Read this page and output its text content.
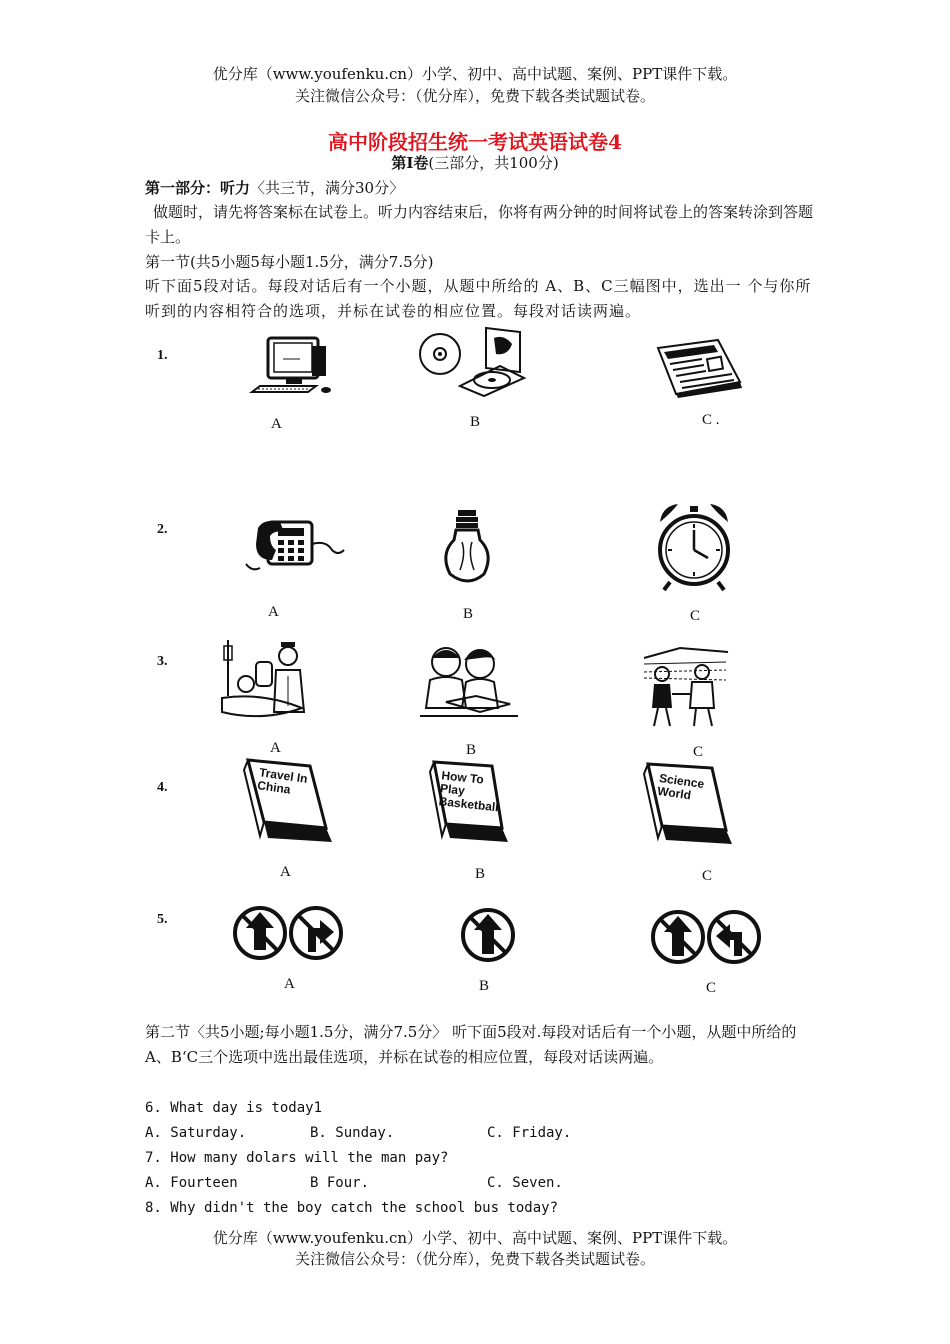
优分库（www.youfenku.cn）小学、初中、高中试题、案例、PPT课件下载。
关注微信公众号：（优分库），免费下载各类试题试卷。
高中阶段招生统一考试英语试卷4
第Ⅰ卷(三部分，共100分)
第一部分：听力〈共三节，满分30分〉
做题时，请先将答案标在试卷上。听力内容结束后，你将有两分钟的时间将试卷上的答案转涂到答题卡上。
第一节(共5小题5每小题1.5分，满分7.5分)
听下面5段对话。每段对话后有一个小题，从题中所给的 A、B、C三幅图中，选出一 个与你所听到的内容相符合的选项，并标在试卷的相应位置。每段对话读两遍。
1.
2.
3.
4.
5.
A	B	C .
A	B	C
A	B	C
Travel In China
How To Play Basketball
Science World
A	B	C
A	B	C
第二节〈共5小题;每小题1.5分，满分7.5分〉 听下面5段对.每段对话后有一个小题，从题中所给的A、B‘C三个选项中选出最佳选项，并标在试卷的相应位置，每段对话读两遍。
6. What day is today1
A. Saturday.	B. Sunday.	C. Friday.
7. How many dolars will the man pay?
A. Fourteen	B Four.	C. Seven.
8. Why didn't the boy catch the school bus today?
优分库（www.youfenku.cn）小学、初中、高中试题、案例、PPT课件下载。
关注微信公众号：（优分库），免费下载各类试题试卷。
